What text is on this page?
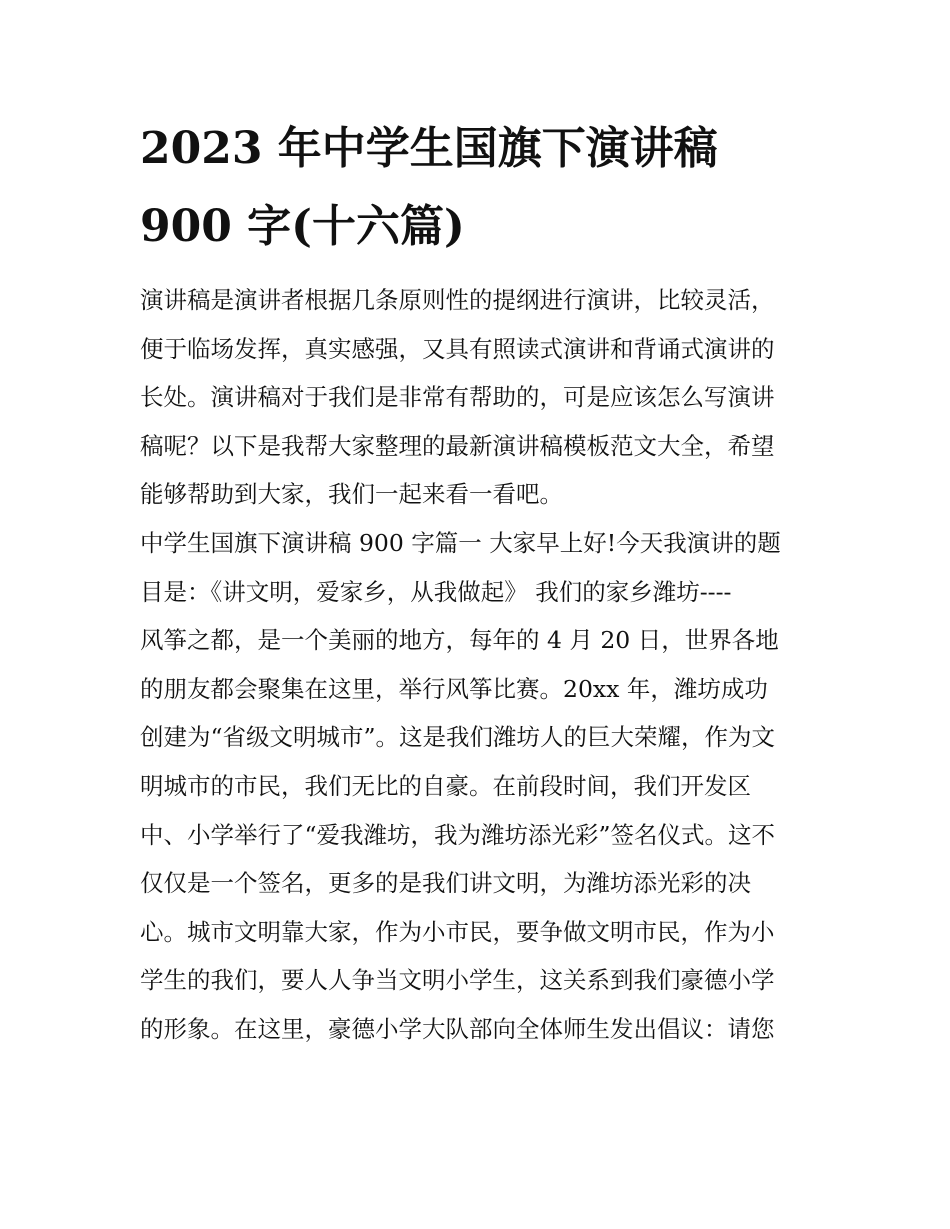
2023 年中学生国旗下演讲稿
900 字(十六篇)
演讲稿是演讲者根据几条原则性的提纲进行演讲，比较灵活，
便于临场发挥，真实感强，又具有照读式演讲和背诵式演讲的
长处。演讲稿对于我们是非常有帮助的，可是应该怎么写演讲
稿呢？以下是我帮大家整理的最新演讲稿模板范文大全，希望
能够帮助到大家，我们一起来看一看吧。
中学生国旗下演讲稿 900 字篇一 大家早上好!今天我演讲的题
目是：《讲文明，爱家乡，从我做起》 我们的家乡潍坊----
风筝之都，是一个美丽的地方，每年的 4 月 20 日，世界各地
的朋友都会聚集在这里，举行风筝比赛。20xx 年，潍坊成功
创建为“省级文明城市”。这是我们潍坊人的巨大荣耀，作为文
明城市的市民，我们无比的自豪。在前段时间，我们开发区
中、小学举行了“爱我潍坊，我为潍坊添光彩”签名仪式。这不
仅仅是一个签名，更多的是我们讲文明，为潍坊添光彩的决
心。城市文明靠大家，作为小市民，要争做文明市民，作为小
学生的我们，要人人争当文明小学生，这关系到我们豪德小学
的形象。在这里，豪德小学大队部向全体师生发出倡议：请您
